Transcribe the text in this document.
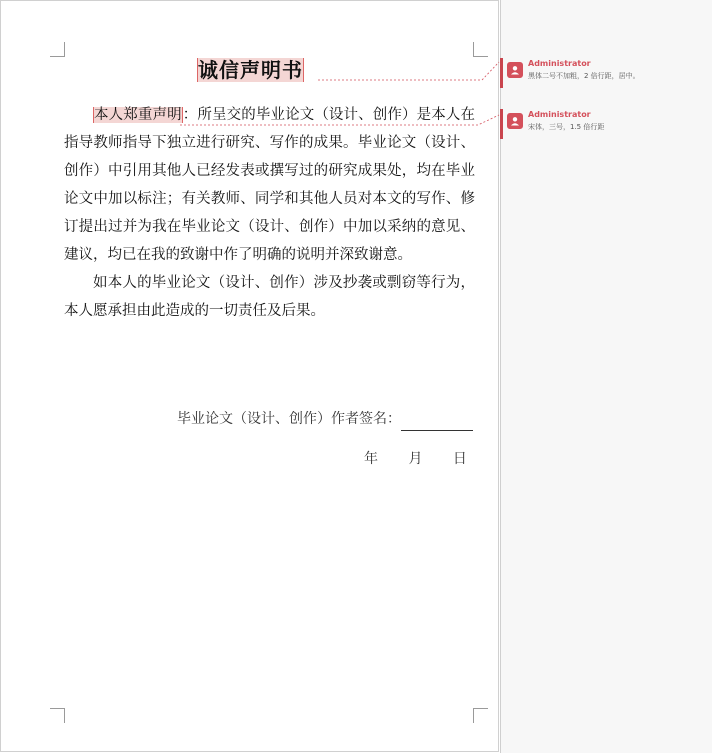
诚信声明书

本人郑重声明：所呈交的毕业论文（设计、创作）是本人在指导教师指导下独立进行研究、写作的成果。毕业论文（设计、创作）中引用其他人已经发表或撰写过的研究成果处，均在毕业论文中加以标注；有关教师、同学和其他人员对本文的写作、修订提出过并为我在毕业论文（设计、创作）中加以采纳的意见、建议，均已在我的致谢中作了明确的说明并深致谢意。

如本人的毕业论文（设计、创作）涉及抄袭或剽窃等行为，本人愿承担由此造成的一切责任及后果。

毕业论文（设计、创作）作者签名：
年 月 日
Administrator
黑体二号不加粗，2 倍行距，居中。
Administrator
宋体，三号，1.5 倍行距
